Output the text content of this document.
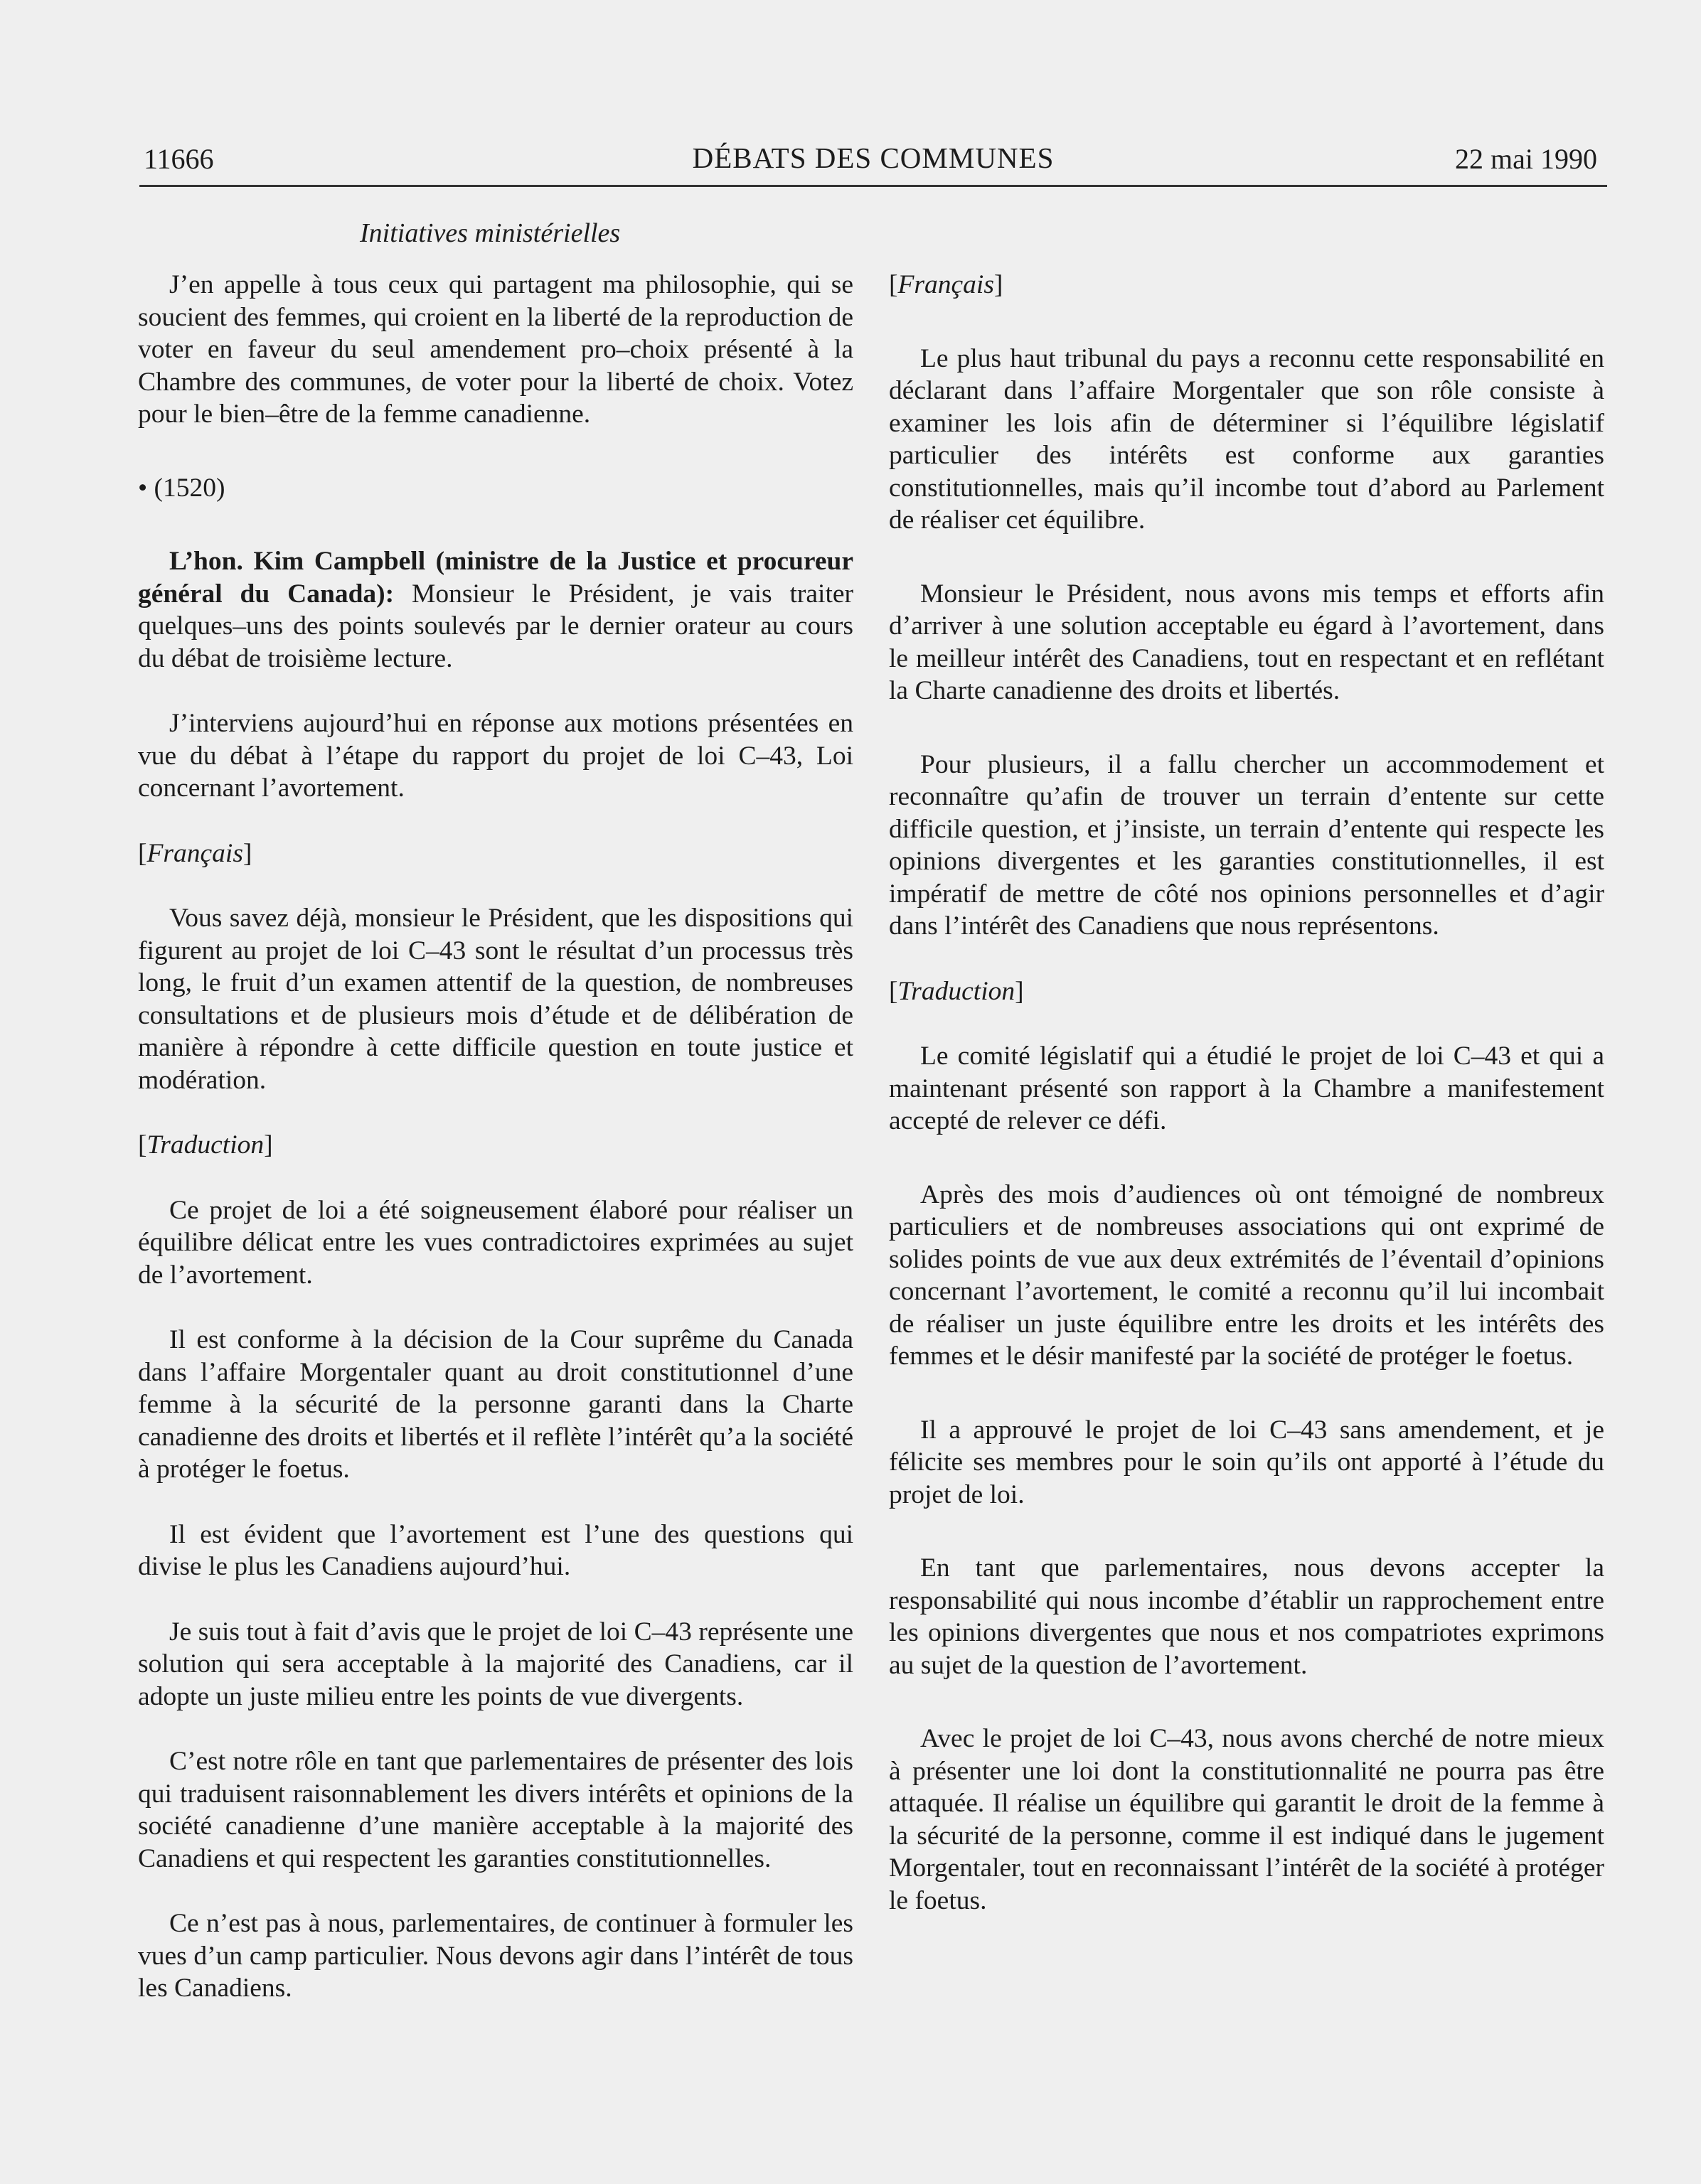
11666	DÉBATS DES COMMUNES	22 mai 1990
Initiatives ministérielles

J’en appelle à tous ceux qui partagent ma philosophie, qui se soucient des femmes, qui croient en la liberté de la reproduction de voter en faveur du seul amendement pro–choix présenté à la Chambre des communes, de voter pour la liberté de choix. Votez pour le bien–être de la femme canadienne.

• (1520)

L’hon. Kim Campbell (ministre de la Justice et procureur général du Canada): Monsieur le Président, je vais traiter quelques–uns des points soulevés par le dernier orateur au cours du débat de troisième lecture.

J’interviens aujourd’hui en réponse aux motions présentées en vue du débat à l’étape du rapport du projet de loi C–43, Loi concernant l’avortement.

[Français]

Vous savez déjà, monsieur le Président, que les dispositions qui figurent au projet de loi C–43 sont le résultat d’un processus très long, le fruit d’un examen attentif de la question, de nombreuses consultations et de plusieurs mois d’étude et de délibération de manière à répondre à cette difficile question en toute justice et modération.

[Traduction]

Ce projet de loi a été soigneusement élaboré pour réaliser un équilibre délicat entre les vues contradictoires exprimées au sujet de l’avortement.

Il est conforme à la décision de la Cour suprême du Canada dans l’affaire Morgentaler quant au droit constitutionnel d’une femme à la sécurité de la personne garanti dans la Charte canadienne des droits et libertés et il reflète l’intérêt qu’a la société à protéger le foetus.

Il est évident que l’avortement est l’une des questions qui divise le plus les Canadiens aujourd’hui.

Je suis tout à fait d’avis que le projet de loi C–43 représente une solution qui sera acceptable à la majorité des Canadiens, car il adopte un juste milieu entre les points de vue divergents.

C’est notre rôle en tant que parlementaires de présenter des lois qui traduisent raisonnablement les divers intérêts et opinions de la société canadienne d’une manière acceptable à la majorité des Canadiens et qui respectent les garanties constitutionnelles.

Ce n’est pas à nous, parlementaires, de continuer à formuler les vues d’un camp particulier. Nous devons agir dans l’intérêt de tous les Canadiens.

[Français]

Le plus haut tribunal du pays a reconnu cette responsabilité en déclarant dans l’affaire Morgentaler que son rôle consiste à examiner les lois afin de déterminer si l’équilibre législatif particulier des intérêts est conforme aux garanties constitutionnelles, mais qu’il incombe tout d’abord au Parlement de réaliser cet équilibre.

Monsieur le Président, nous avons mis temps et efforts afin d’arriver à une solution acceptable eu égard à l’avortement, dans le meilleur intérêt des Canadiens, tout en respectant et en reflétant la Charte canadienne des droits et libertés.

Pour plusieurs, il a fallu chercher un accommodement et reconnaître qu’afin de trouver un terrain d’entente sur cette difficile question, et j’insiste, un terrain d’entente qui respecte les opinions divergentes et les garanties constitutionnelles, il est impératif de mettre de côté nos opinions personnelles et d’agir dans l’intérêt des Canadiens que nous représentons.

[Traduction]

Le comité législatif qui a étudié le projet de loi C–43 et qui a maintenant présenté son rapport à la Chambre a manifestement accepté de relever ce défi.

Après des mois d’audiences où ont témoigné de nombreux particuliers et de nombreuses associations qui ont exprimé de solides points de vue aux deux extrémités de l’éventail d’opinions concernant l’avortement, le comité a reconnu qu’il lui incombait de réaliser un juste équilibre entre les droits et les intérêts des femmes et le désir manifesté par la société de protéger le foetus.

Il a approuvé le projet de loi C–43 sans amendement, et je félicite ses membres pour le soin qu’ils ont apporté à l’étude du projet de loi.

En tant que parlementaires, nous devons accepter la responsabilité qui nous incombe d’établir un rapprochement entre les opinions divergentes que nous et nos compatriotes exprimons au sujet de la question de l’avortement.

Avec le projet de loi C–43, nous avons cherché de notre mieux à présenter une loi dont la constitutionnalité ne pourra pas être attaquée. Il réalise un équilibre qui garantit le droit de la femme à la sécurité de la personne, comme il est indiqué dans le jugement Morgentaler, tout en reconnaissant l’intérêt de la société à protéger le foetus.
